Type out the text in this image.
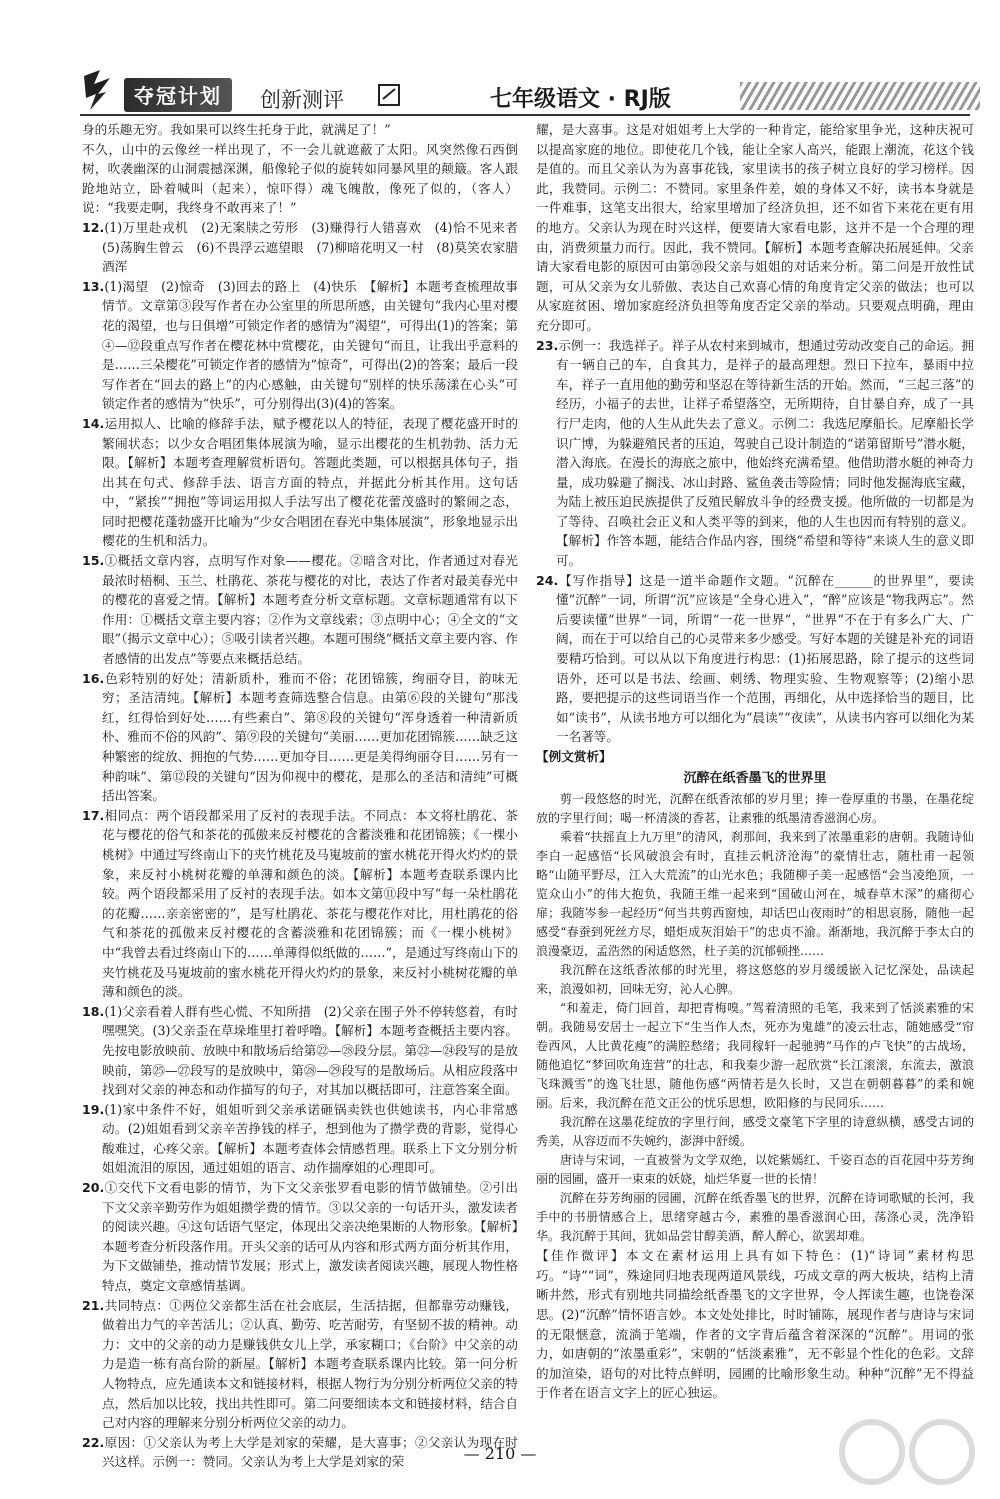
夺冠计划	创新测评	七年级语文 · RJ版

身的乐趣无穷。我如果可以终生托身于此，就满足了！”

不久，山中的云像丝一样出现了，不一会儿就遮蔽了太阳。风突然像石西倒树，吹袭幽深的山洞震撼深渊，船像轮子似的旋转如同暴风里的颠簸。客人跟跄地站立，卧着喊叫（起来），惊吓得）魂飞魄散，像死了似的，（客人）说：“我要走啊，我终身不敢再来了！”

12.(1)万里赴戎机　(2)无案牍之劳形　(3)赚得行人错喜欢　(4)恰不见来者　(5)荡胸生曾云　(6)不畏浮云遮望眼　(7)柳暗花明又一村　(8)莫笑农家腊酒浑

13.(1)渴望　(2)惊奇　(3)回去的路上　(4)快乐　【解析】本题考查梳理故事情节。文章第③段写作者在办公室里的所思所感，由关键句“我内心里对樱花的渴望，也与日俱增”可锁定作者的感情为“渴望”，可得出(1)的答案；第④—⑫段重点写作者在樱花林中赏樱花，由关键句“而且，让我出乎意料的是……三朵樱花”可锁定作者的感情为“惊奇”，可得出(2)的答案；最后一段写作者在“回去的路上”的内心感触，由关键句“别样的快乐荡漾在心头”可锁定作者的感情为“快乐”，可分别得出(3)(4)的答案。

14.运用拟人、比喻的修辞手法，赋予樱花以人的特征，表现了樱花盛开时的繁闹状态；以少女合唱团集体展演为喻，显示出樱花的生机勃勃、活力无限。【解析】本题考查理解赏析语句。答题此类题，可以根据具体句子，指出其在句式、修辞手法、语言方面的特点，并据此分析其作用。这句话中，“紧挨”“拥抱”等词运用拟人手法写出了樱花花蕾茂盛时的繁闹之态，同时把樱花蓬勃盛开比喻为“少女合唱团在春光中集体展演”，形象地显示出樱花的生机和活力。

15.①概括文章内容，点明写作对象——樱花。②暗含对比，作者通过对春光最浓时梧桐、玉兰、杜鹃花、茶花与樱花的对比，表达了作者对最美春光中的樱花的喜爱之情。【解析】本题考查分析文章标题。文章标题通常有以下作用：①概括文章主要内容；②作为文章线索；③点明中心；④全文的“文眼”（揭示文章中心）；⑤吸引读者兴趣。本题可围绕“概括文章主要内容、作者感情的出发点”等要点来概括总结。

16.色彩特别的好处；清新质朴，雅而不俗；花团锦簇，绚丽夺目，韵味无穷；圣洁清纯。【解析】本题考查筛选整合信息。由第⑥段的关键句“那浅红，红得恰到好处……有些素白”、第⑧段的关键句“浑身透着一种清新质朴、雅而不俗的风韵”、第⑨段的关键句“美丽……更加花团锦簇……缺乏这种繁密的绽放、拥抱的气势……更加夺目……更是美得绚丽夺目……另有一种韵味”、第⑫段的关键句“因为仰视中的樱花，是那么的圣洁和清纯”可概括出答案。

17.相同点：两个语段都采用了反衬的表现手法。不同点：本文将杜鹃花、茶花与樱花的俗气和茶花的孤傲来反衬樱花的含蓄淡雅和花团锦簇；《一棵小桃树》中通过写终南山下的夹竹桃花及马嵬坡前的蜜水桃花开得火灼灼的景象，来反衬小桃树花瓣的单薄和颜色的淡。【解析】本题考查联系课内比较。两个语段都采用了反衬的表现手法。如本文第⑪段中写“每一朵杜鹃花的花瓣……亲亲密密的”，是写杜鹃花、茶花与樱花作对比，用杜鹃花的俗气和茶花的孤傲来反衬樱花的含蓄淡雅和花团锦簇；而《一棵小桃树》中“我曾去看过终南山下的……单薄得似纸做的……”，是通过写终南山下的夹竹桃花及马嵬坡前的蜜水桃花开得火灼灼的景象，来反衬小桃树花瓣的单薄和颜色的淡。

18.(1)父亲看着人群有些心慌、不知所措　(2)父亲在围子外不停转悠着，有时嘿嘿笑。(3)父亲歪在草垛堆里打着呼噜。【解析】本题考查概括主要内容。先按电影放映前、放映中和散场后给第㉒—㉘段分层。第㉒—㉔段写的是放映前，第㉕—㉗段写的是放映中，第㉘—㉙段写的是散场后。从相应段落中找到对父亲的神态和动作描写的句子，对其加以概括即可，注意答案全面。

19.(1)家中条件不好，姐姐听到父亲承诺砸锅卖铁也供她读书，内心非常感动。(2)姐姐看到父亲辛苦挣钱的样子，想到他为了攒学费的背影，觉得心酸难过，心疼父亲。【解析】本题考查体会情感哲理。联系上下文分别分析姐姐流泪的原因，通过姐姐的语言、动作揣摩姐的心理即可。

20.①交代下文看电影的情节，为下文父亲张罗看电影的情节做铺垫。②引出下文父亲辛勤劳作为姐姐攒学费的情节。③以父亲的一句话开头，激发读者的阅读兴趣。④这句话语气坚定，体现出父亲决绝果断的人物形象。【解析】本题考查分析段落作用。开头父亲的话可从内容和形式两方面分析其作用，为下文做铺垫，推动情节发展；形式上，激发读者阅读兴趣，展现人物性格特点，奠定文章感情基调。

21.共同特点：①两位父亲都生活在社会底层，生活拮据，但都靠劳动赚钱，做着出力气的辛苦活儿；②认真、勤劳、吃苦耐劳，有坚韧不拔的精神。动力：文中的父亲的动力是赚钱供女儿上学，承家糊口；《台阶》中父亲的动力是造一栋有高台阶的新屋。【解析】本题考查联系课内比较。第一问分析人物特点，应先通读本文和链接材料，根据人物行为分别分析两位父亲的特点，然后加以比较，找出共性即可。第二问要细读本文和链接材料，结合自己对内容的理解来分别分析两位父亲的动力。

22.原因：①父亲认为考上大学是刘家的荣耀，是大喜事；②父亲认为现在时兴这样。示例一：赞同。父亲认为考上大学是刘家的荣

耀，是大喜事。这是对姐姐考上大学的一种肯定，能给家里争光，这种庆祝可以提高家庭的地位。即使花几个钱，能让全家人高兴，能跟上潮流，花这个钱是值的。而且父亲认为为喜事花钱，家里读书的孩子树立良好的学习榜样。因此，我赞同。示例二：不赞同。家里条件差，娘的身体又不好，读书本身就是一件难事，这笔支出很大，给家里增加了经济负担，还不如省下来花在更有用的地方。父亲认为现在时兴这样，便要请大家看电影，这并不是一个合理的理由，消费须量力而行。因此，我不赞同。【解析】本题考查解决拓展延伸。父亲请大家看电影的原因可由第⑳段父亲与姐姐的对话来分析。第二问是开放性试题，可从父亲为女儿骄傲、表达自己欢喜心情的角度肯定父亲的做法；也可以从家庭贫困、增加家庭经济负担等角度否定父亲的举动。只要观点明确，理由充分即可。

23.示例一：我选祥子。祥子从农村来到城市，想通过劳动改变自己的命运。拥有一辆自己的车，自食其力，是祥子的最高理想。烈日下拉车，暴雨中拉车，祥子一直用他的勤劳和坚忍在等待新生活的开始。然而，“三起三落”的经历，小福子的去世，让祥子希望落空，无所期待，自甘暴自弃，成了一具行尸走肉，他的人生从此失去了意义。示例二：我选尼摩船长。尼摩船长学识广博，为躲避殖民者的压迫，驾驶自己设计制造的“诺第留斯号”潜水艇，潜入海底。在漫长的海底之旅中，他始终充满希望。他借助潜水艇的神奇力量，成功躲避了搁浅、冰山封路、鲨鱼袭击等险情；同时他发掘海底宝藏，为陆上被压迫民族提供了反殖民解放斗争的经费支援。他所做的一切都是为了等待、召唤社会正义和人类平等的到来，他的人生也因而有特别的意义。【解析】作答本题，能结合作品内容，围绕“希望和等待”来谈人生的意义即可。

24.【写作指导】这是一道半命题作文题。“沉醉在______的世界里”，要读懂“沉醉”一词，所谓“沉”应该是“全身心进入”，“醉”应该是“物我两忘”。然后要读懂“世界”一词，所谓“一花一世界”，“世界”不在于有多么广大、广阔，而在于可以给自己的心灵带来多少感受。写好本题的关键是补充的词语要精巧恰到。可以从以下角度进行构思：(1)拓展思路，除了提示的这些词语外，还可以是书法、绘画、刺绣、物理实验、生物观察等；(2)缩小思路，要把提示的这些词语当作一个范围，再细化，从中选择恰当的题目，比如“读书”，从读书地方可以细化为“晨读”“夜读”，从读书内容可以细化为某一名著等。

【例文赏析】

沉醉在纸香墨飞的世界里

剪一段悠悠的时光，沉醉在纸香浓郁的岁月里；捧一卷厚重的书墨，在墨花绽放的字里行间；喝一杯清淡的香茗，让素雅的纸墨清香滋润心房。

乘着“扶摇直上九万里”的清风，刹那间，我来到了浓墨重彩的唐朝。我随诗仙李白一起感悟“长风破浪会有时，直挂云帆济沧海”的豪情壮志，随杜甫一起领略“山随平野尽，江入大荒流”的山光水色；我随柳子美一起感悟“会当凌绝顶，一览众山小”的伟大抱负，我随王维一起来到“国破山河在，城春草木深”的痛彻心扉；我随岑参一起经历“何当共剪西窗烛，却话巴山夜雨时”的相思哀肠，随他一起感受“春蚕到死丝方尽，蜡炬成灰泪始干”的忠贞不渝。渐渐地，我沉醉于李太白的浪漫豪迈，孟浩然的闲适悠然，杜子美的沉郁顿挫……

我沉醉在这纸香浓郁的时光里，将这悠悠的岁月缓缓嵌入记忆深处，品读起来，浪漫如初，回味无穷，沁人心脾。

“和羞走，倚门回首，却把青梅嗅。”驾着清照的毛笔，我来到了恬淡素雅的宋朝。我随易安居士一起立下“生当作人杰，死亦为鬼雄”的凌云壮志，随她感受“帘卷西风，人比黄花瘦”的满腔愁绪；我同稼轩一起驰骋“马作的卢飞快”的古战场，随他追忆“梦回吹角连营”的壮志，和我秦少游一起欣赏“长江滚滚，东流去，激浪飞珠溅雪”的逸飞壮思，随他伤感“两情若是久长时，又岂在朝朝暮暮”的柔和婉丽。后来，我沉醉在范文正公的忧乐思想，欧阳修的与民同乐……

我沉醉在这墨花绽放的字里行间，感受文豪笔下字里的诗意纵横，感受古词的秀美，从容迈而不失婉约，澎湃中舒缓。

唐诗与宋词，一直被誉为文学双绝，以姹紫嫣红、千姿百态的百花园中芬芳绚丽的园圃，盛开一束束的妖娆，灿烂华夏一世的长情！

沉醉在芬芳绚丽的园圃，沉醉在纸香墨飞的世界，沉醉在诗词歌赋的长河，我手中的书册情感合上，思绪穿越古今，素雅的墨香滋润心田，荡涤心灵，洗净铅华。我沉醉于其间，犹如品尝甘醇美酒，醉人醉心，欲罢却难。

【佳作微评】本文在素材运用上具有如下特色：(1)“诗词”素材构思巧。“诗”“词”，殊途同归地表现两道风景线，巧成文章的两大板块，结构上清晰井然，形式有别地共同描绘纸香墨飞的文字世界，令人挥读生趣，也饶卷深思。(2)“沉醉”情怀语言妙。本文处处排比，时时铺陈，展现作者与唐诗与宋词的无限惬意，流淌于笔端，作者的文字背后蕴含着深深的“沉醉”。用词的张力，如唐朝的“浓墨重彩”，宋朝的“恬淡素雅”，无不彰显个性化的色彩。文辞的加渲染，语句的对比特点鲜明，园圃的比喻形象生动。种种“沉醉”无不得益于作者在语言文字上的匠心独运。

— 210 —
